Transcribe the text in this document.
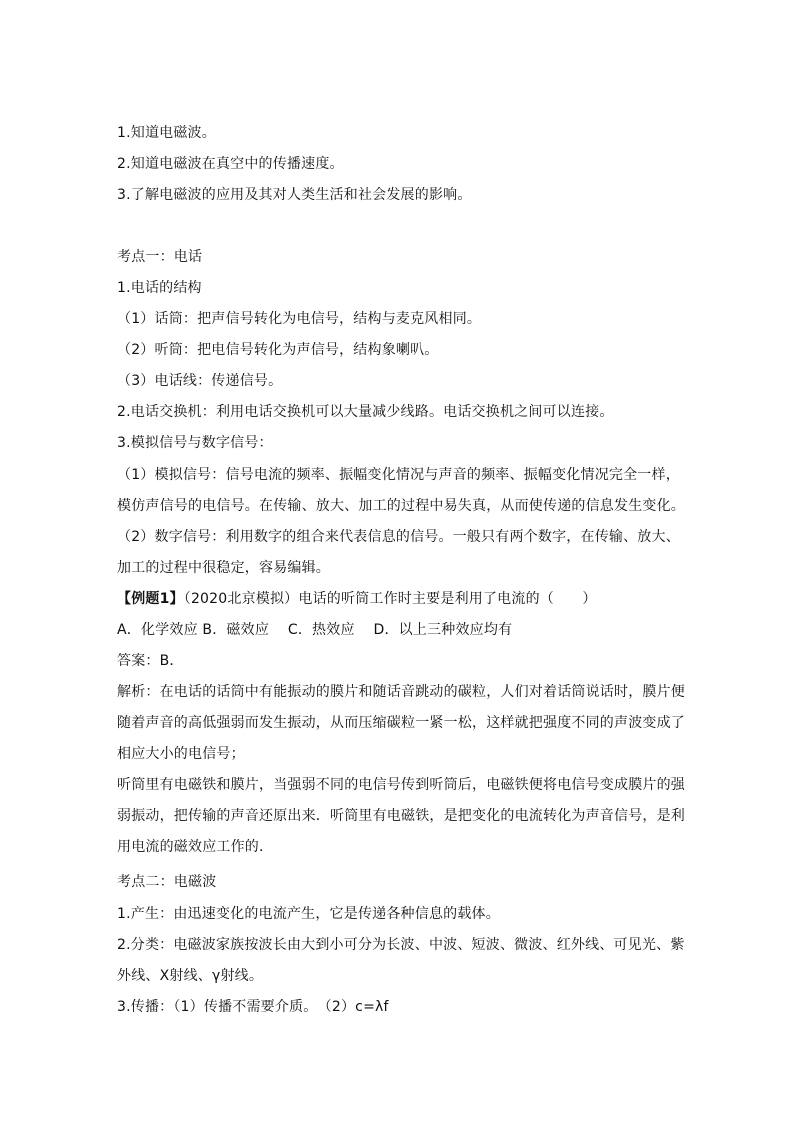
1.知道电磁波。
2.知道电磁波在真空中的传播速度。
3.了解电磁波的应用及其对人类生活和社会发展的影响。
考点一：电话
1.电话的结构
（1）话筒：把声信号转化为电信号，结构与麦克风相同。
（2）听筒：把电信号转化为声信号，结构象喇叭。
（3）电话线：传递信号。
2.电话交换机：利用电话交换机可以大量减少线路。电话交换机之间可以连接。
3.模拟信号与数字信号：
（1）模拟信号：信号电流的频率、振幅变化情况与声音的频率、振幅变化情况完全一样，
模仿声信号的电信号。在传输、放大、加工的过程中易失真，从而使传递的信息发生变化。
（2）数字信号：利用数字的组合来代表信息的信号。一般只有两个数字，在传输、放大、
加工的过程中很稳定，容易编辑。
【例题1】（2020北京模拟）电话的听筒工作时主要是利用了电流的（　　）
A．化学效应 B．磁效应　 C．热效应　 D．以上三种效应均有
答案：B．
解析：在电话的话筒中有能振动的膜片和随话音跳动的碳粒，人们对着话筒说话时，膜片便
随着声音的高低强弱而发生振动，从而压缩碳粒一紧一松，这样就把强度不同的声波变成了
相应大小的电信号；
听筒里有电磁铁和膜片，当强弱不同的电信号传到听筒后，电磁铁便将电信号变成膜片的强
弱振动，把传输的声音还原出来．听筒里有电磁铁，是把变化的电流转化为声音信号，是利
用电流的磁效应工作的．
考点二：电磁波
1.产生：由迅速变化的电流产生，它是传递各种信息的载体。
2.分类：电磁波家族按波长由大到小可分为长波、中波、短波、微波、红外线、可见光、紫
外线、X射线、γ射线。
3.传播：（1）传播不需要介质。　（2）c=λf
